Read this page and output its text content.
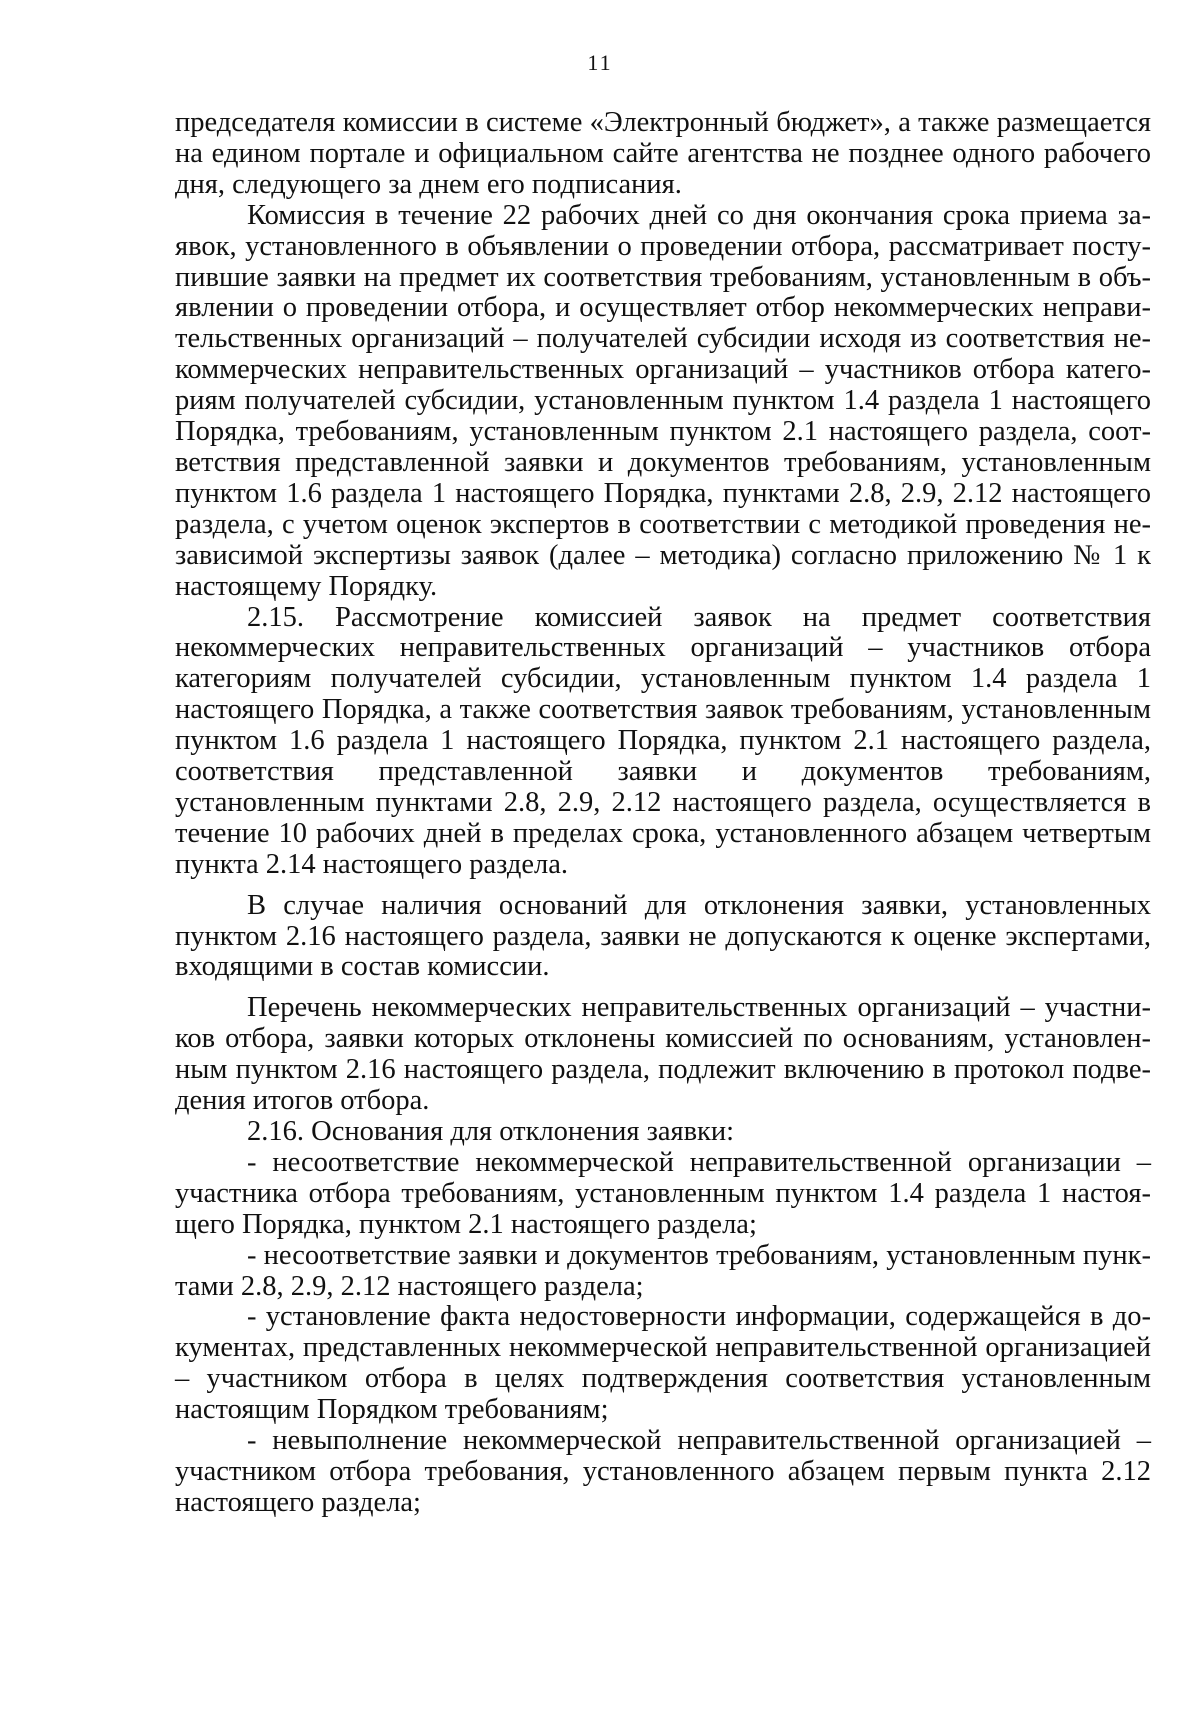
11

председателя комиссии в системе «Электронный бюджет», а также размещается на едином портале и официальном сайте агентства не позднее одного рабочего дня, следующего за днем его подписания.

Комиссия в течение 22 рабочих дней со дня окончания срока приема заявок, установленного в объявлении о проведении отбора, рассматривает поступившие заявки на предмет их соответствия требованиям, установленным в объявлении о проведении отбора, и осуществляет отбор некоммерческих неправительственных организаций – получателей субсидии исходя из соответствия некоммерческих неправительственных организаций – участников отбора категориям получателей субсидии, установленным пунктом 1.4 раздела 1 настоящего Порядка, требованиям, установленным пунктом 2.1 настоящего раздела, соответствия представленной заявки и документов требованиям, установленным пунктом 1.6 раздела 1 настоящего Порядка, пунктами 2.8, 2.9, 2.12 настоящего раздела, с учетом оценок экспертов в соответствии с методикой проведения независимой экспертизы заявок (далее – методика) согласно приложению № 1 к настоящему Порядку.

2.15. Рассмотрение комиссией заявок на предмет соответствия некоммерческих неправительственных организаций – участников отбора категориям получателей субсидии, установленным пунктом 1.4 раздела 1 настоящего Порядка, а также соответствия заявок требованиям, установленным пунктом 1.6 раздела 1 настоящего Порядка, пунктом 2.1 настоящего раздела, соответствия представленной заявки и документов требованиям, установленным пунктами 2.8, 2.9, 2.12 настоящего раздела, осуществляется в течение 10 рабочих дней в пределах срока, установленного абзацем четвертым пункта 2.14 настоящего раздела.

В случае наличия оснований для отклонения заявки, установленных пунктом 2.16 настоящего раздела, заявки не допускаются к оценке экспертами, входящими в состав комиссии.

Перечень некоммерческих неправительственных организаций – участников отбора, заявки которых отклонены комиссией по основаниям, установленным пунктом 2.16 настоящего раздела, подлежит включению в протокол подведения итогов отбора.

2.16. Основания для отклонения заявки:

- несоответствие некоммерческой неправительственной организации – участника отбора требованиям, установленным пунктом 1.4 раздела 1 настоящего Порядка, пунктом 2.1 настоящего раздела;

- несоответствие заявки и документов требованиям, установленным пунктами 2.8, 2.9, 2.12 настоящего раздела;

- установление факта недостоверности информации, содержащейся в документах, представленных некоммерческой неправительственной организацией – участником отбора в целях подтверждения соответствия установленным настоящим Порядком требованиям;

- невыполнение некоммерческой неправительственной организацией – участником отбора требования, установленного абзацем первым пункта 2.12 настоящего раздела;
